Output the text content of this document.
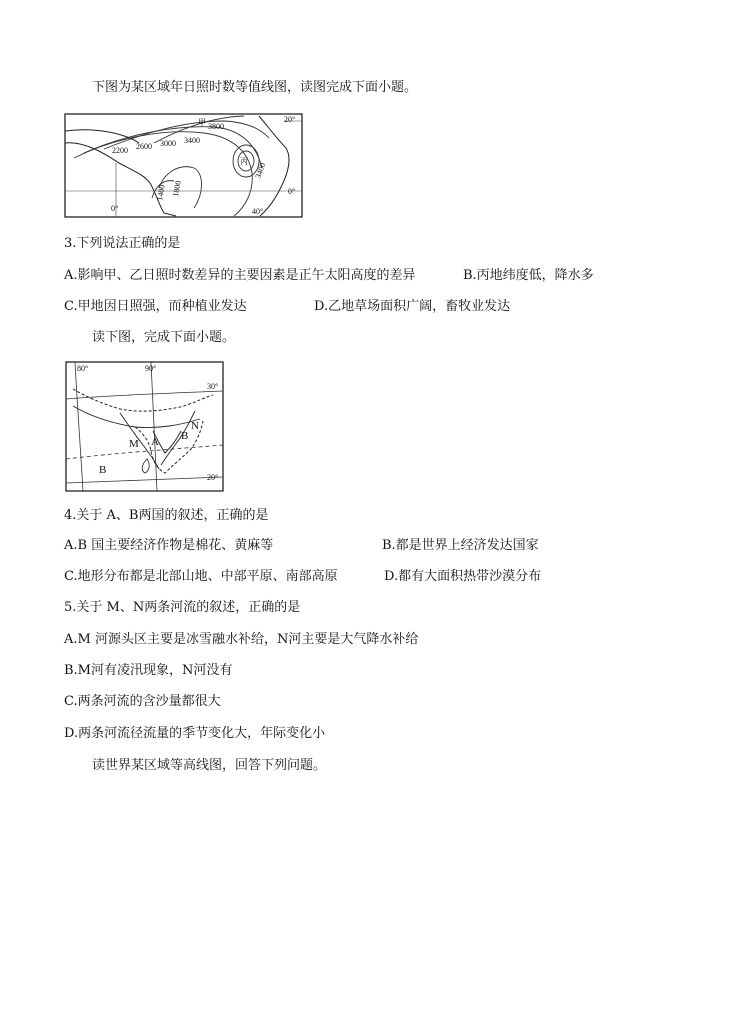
下图为某区域年日照时数等值线图，读图完成下面小题。
甲
丙
20°
0°
0°	40°
2200 2600 3000 3400
3800
1800
1400
3400
3.下列说法正确的是
A.影响甲、乙日照时数差异的主要因素是正午太阳高度的差异	B.丙地纬度低，降水多
C.甲地因日照强，而种植业发达	D.乙地草场面积广阔，畜牧业发达
读下图，完成下面小题。
80°	90°
30°
20°
M A B
N
B
4.关于 A、B两国的叙述，正确的是
A.B 国主要经济作物是棉花、黄麻等	B.都是世界上经济发达国家
C.地形分布都是北部山地、中部平原、南部高原	D.都有大面积热带沙漠分布
5.关于 M、N两条河流的叙述，正确的是
A.M 河源头区主要是冰雪融水补给，N河主要是大气降水补给
B.M河有凌汛现象，N河没有
C.两条河流的含沙量都很大
D.两条河流径流量的季节变化大，年际变化小
读世界某区域等高线图，回答下列问题。
